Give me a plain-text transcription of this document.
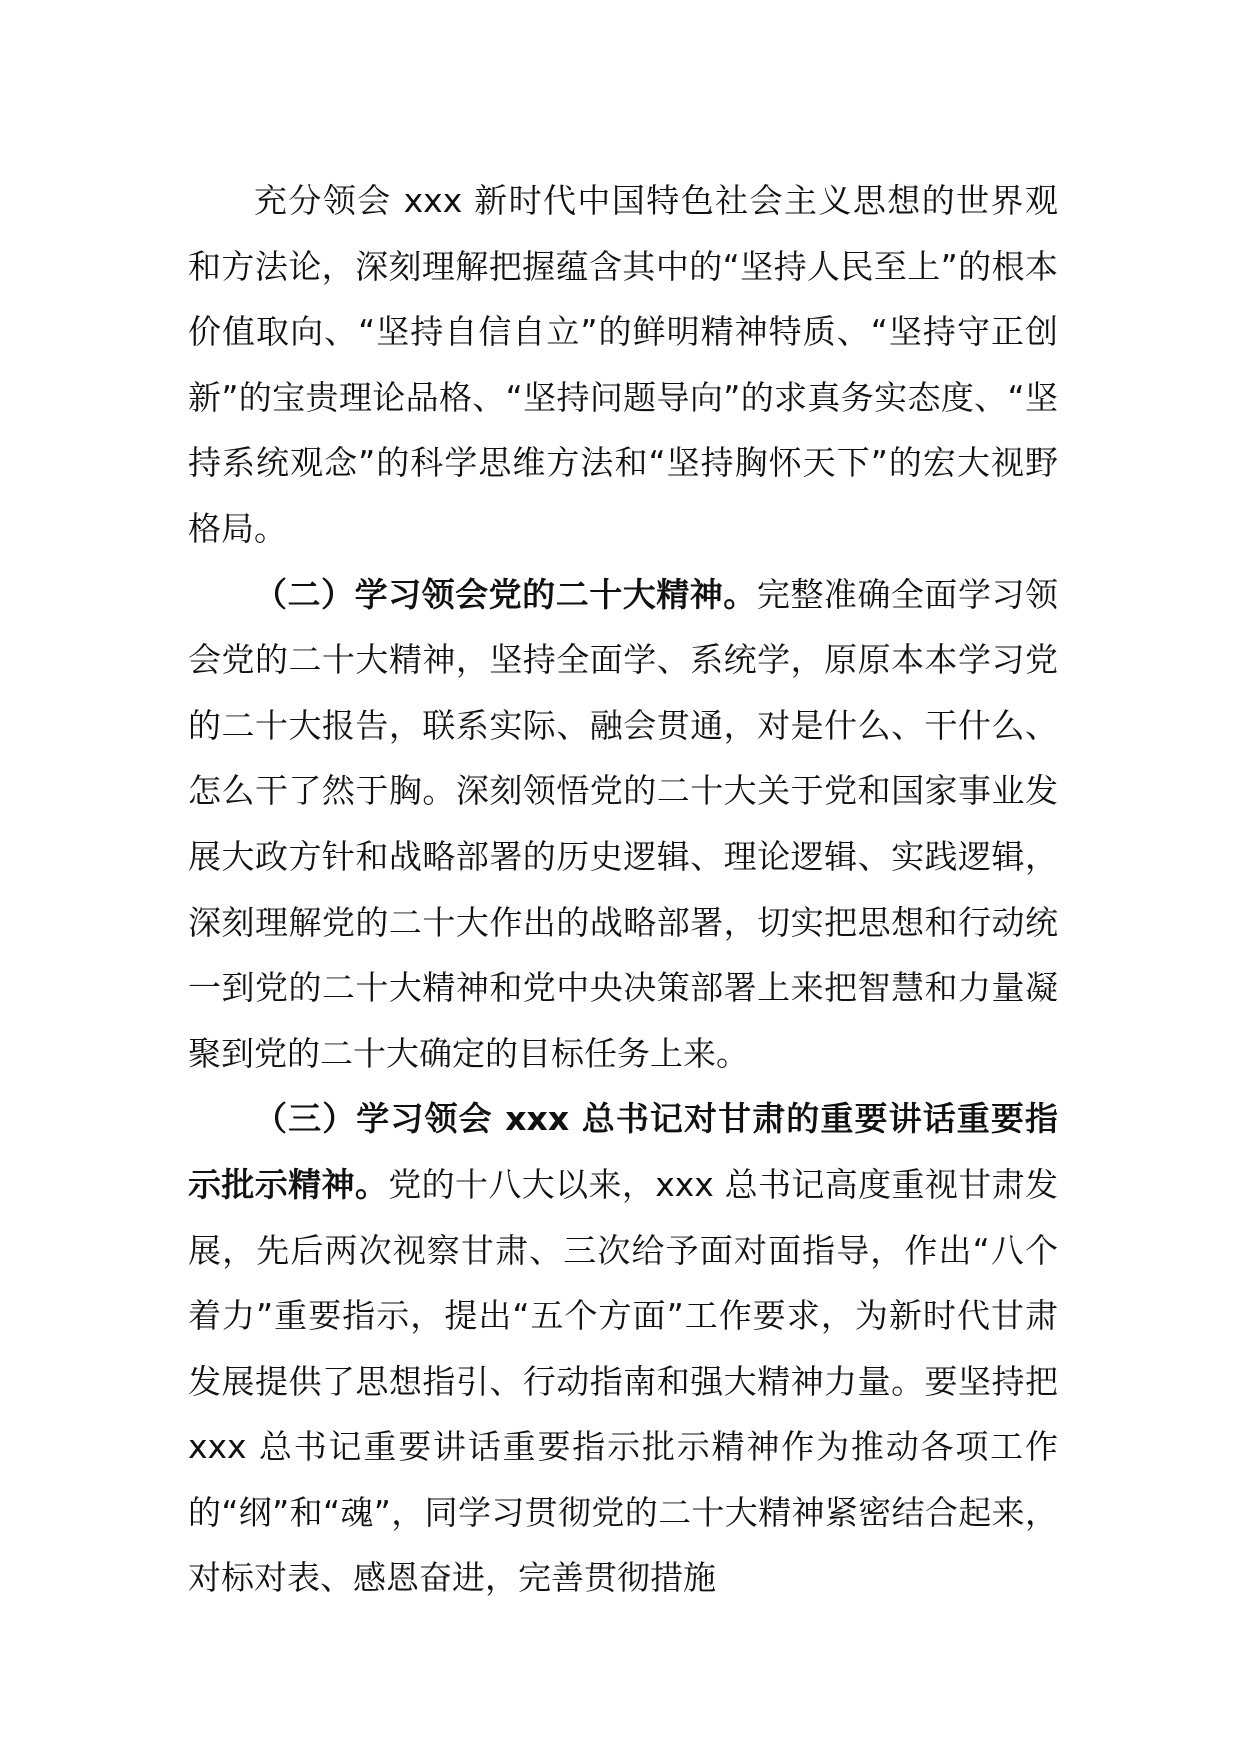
充分领会 xxx 新时代中国特色社会主义思想的世界观和方法论，深刻理解把握蕴含其中的“坚持人民至上”的根本价值取向、“坚持自信自立”的鲜明精神特质、“坚持守正创新”的宝贵理论品格、“坚持问题导向”的求真务实态度、“坚持系统观念”的科学思维方法和“坚持胸怀天下”的宏大视野格局。

（二）学习领会党的二十大精神。完整准确全面学习领会党的二十大精神，坚持全面学、系统学，原原本本学习党的二十大报告，联系实际、融会贯通，对是什么、干什么、怎么干了然于胸。深刻领悟党的二十大关于党和国家事业发展大政方针和战略部署的历史逻辑、理论逻辑、实践逻辑，深刻理解党的二十大作出的战略部署，切实把思想和行动统一到党的二十大精神和党中央决策部署上来把智慧和力量凝聚到党的二十大确定的目标任务上来。

（三）学习领会 xxx 总书记对甘肃的重要讲话重要指示批示精神。党的十八大以来，xxx 总书记高度重视甘肃发展，先后两次视察甘肃、三次给予面对面指导，作出“八个着力”重要指示，提出“五个方面”工作要求，为新时代甘肃发展提供了思想指引、行动指南和强大精神力量。要坚持把 xxx 总书记重要讲话重要指示批示精神作为推动各项工作的“纲”和“魂”，同学习贯彻党的二十大精神紧密结合起来，对标对表、感恩奋进，完善贯彻措施
